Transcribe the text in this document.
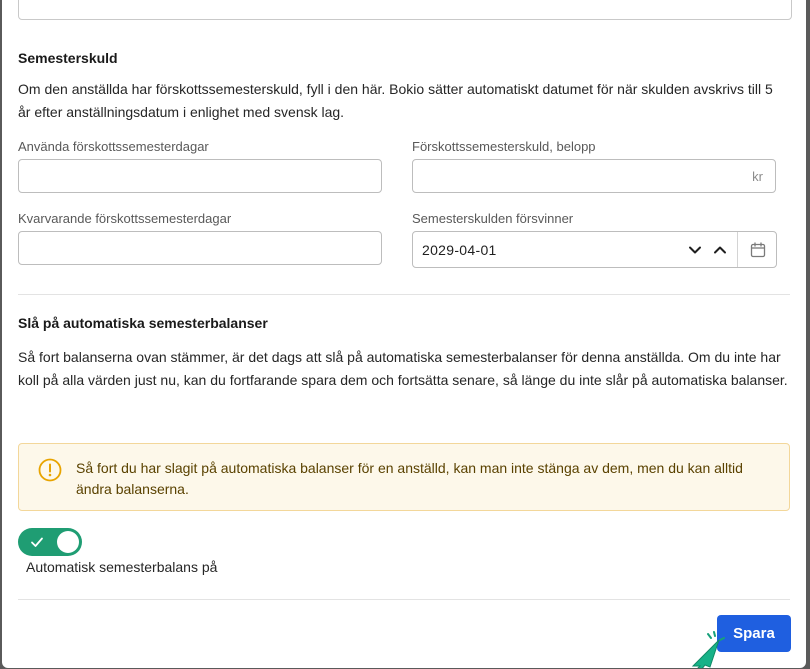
Semesterskuld
Om den anställda har förskottssemesterskuld, fyll i den här. Bokio sätter automatiskt datumet för när skulden avskrivs till 5 år efter anställningsdatum i enlighet med svensk lag.
Använda förskottssemesterdagar	Förskottssemesterskuld, belopp
kr
Kvarvarande förskottssemesterdagar	Semesterskulden försvinner
2029-04-01
Slå på automatiska semesterbalanser
Så fort balanserna ovan stämmer, är det dags att slå på automatiska semesterbalanser för denna anställda. Om du inte har koll på alla värden just nu, kan du fortfarande spara dem och fortsätta senare, så länge du inte slår på automatiska balanser.
Så fort du har slagit på automatiska balanser för en anställd, kan man inte stänga av dem, men du kan alltid ändra balanserna.
Automatisk semesterbalans på
Spara
